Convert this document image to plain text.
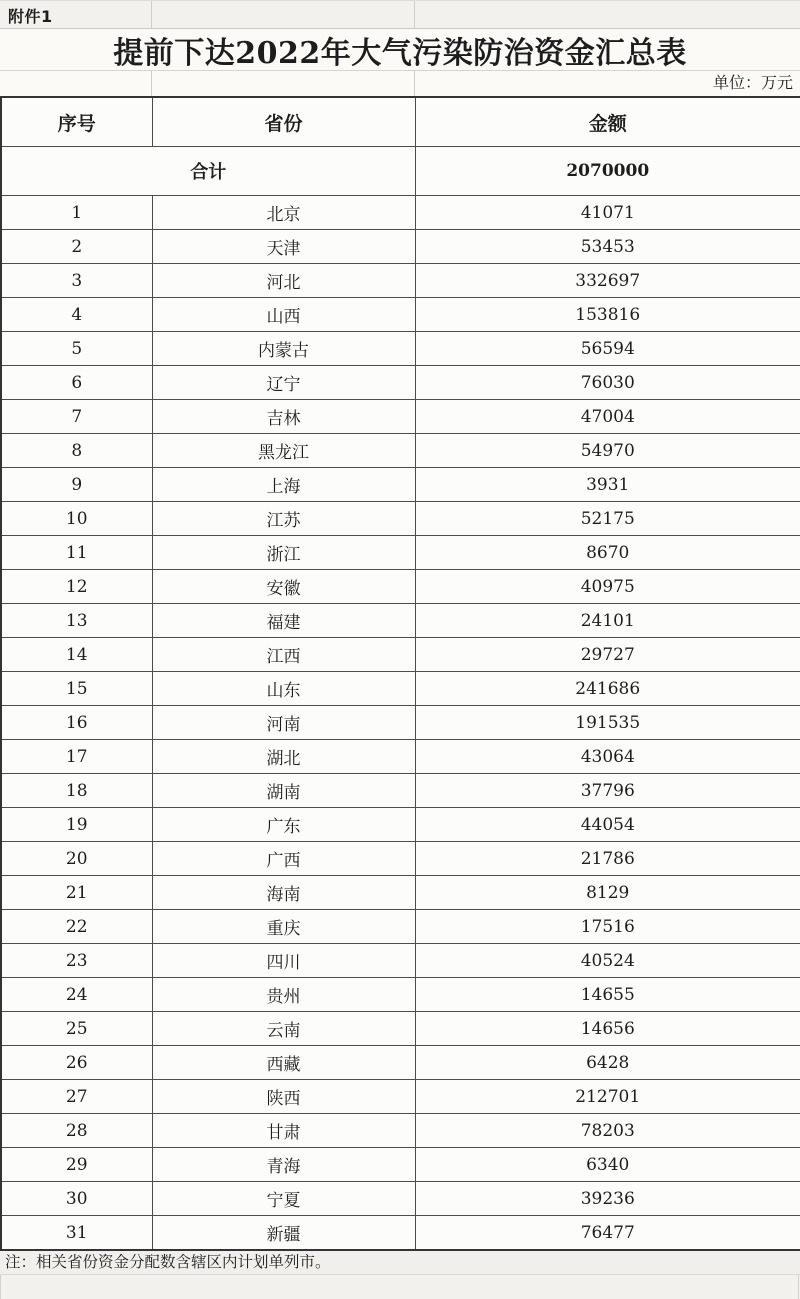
附件1
提前下达2022年大气污染防治资金汇总表
单位：万元
序号	省份	金额
合计		2070000
1	北京	41071
2	天津	53453
3	河北	332697
4	山西	153816
5	内蒙古	56594
6	辽宁	76030
7	吉林	47004
8	黑龙江	54970
9	上海	3931
10	江苏	52175
11	浙江	8670
12	安徽	40975
13	福建	24101
14	江西	29727
15	山东	241686
16	河南	191535
17	湖北	43064
18	湖南	37796
19	广东	44054
20	广西	21786
21	海南	8129
22	重庆	17516
23	四川	40524
24	贵州	14655
25	云南	14656
26	西藏	6428
27	陕西	212701
28	甘肃	78203
29	青海	6340
30	宁夏	39236
31	新疆	76477
注：相关省份资金分配数含辖区内计划单列市。
